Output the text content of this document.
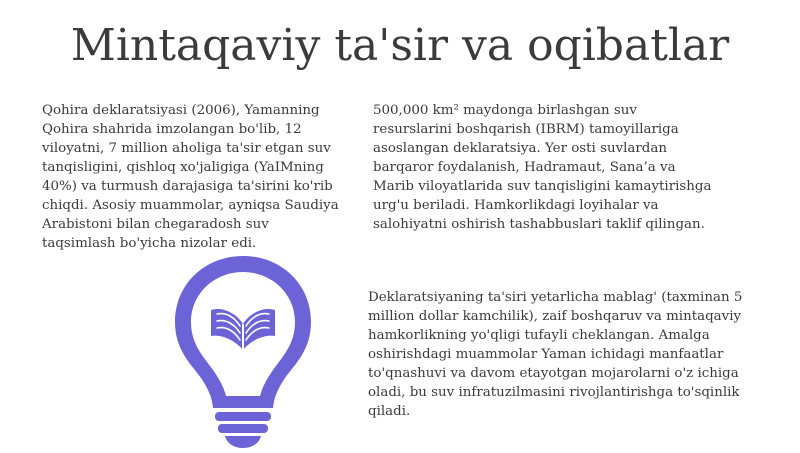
Mintaqaviy ta'sir va oqibatlar

Qohira deklaratsiyasi (2006), Yamanning Qohira shahrida imzolangan bo'lib, 12 viloyatni, 7 million aholiga ta'sir etgan suv tanqisligini, qishloq xo'jaligiga (YaIMning 40%) va turmush darajasiga ta'sirini ko'rib chiqdi. Asosiy muammolar, ayniqsa Saudiya Arabistoni bilan chegaradosh suv taqsimlash bo'yicha nizolar edi.

500,000 km² maydonga birlashgan suv resurslarini boshqarish (IBRM) tamoyillariga asoslangan deklaratsiya. Yer osti suvlardan barqaror foydalanish, Hadramaut, Sana’a va Marib viloyatlarida suv tanqisligini kamaytirishga urg'u beriladi. Hamkorlikdagi loyihalar va salohiyatni oshirish tashabbuslari taklif qilingan.

Deklaratsiyaning ta'siri yetarlicha mablag' (taxminan 5 million dollar kamchilik), zaif boshqaruv va mintaqaviy hamkorlikning yo'qligi tufayli cheklangan. Amalga oshirishdagi muammolar Yaman ichidagi manfaatlar to'qnashuvi va davom etayotgan mojarolarni o'z ichiga oladi, bu suv infratuzilmasini rivojlantirishga to'sqinlik qiladi.
